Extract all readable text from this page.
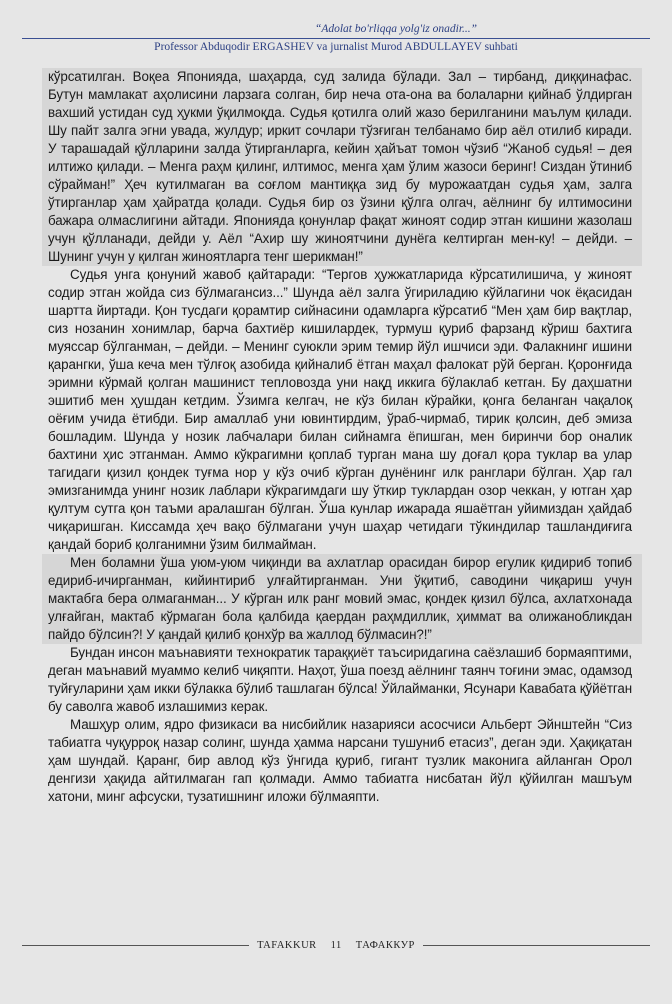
“Adolat bo'rliqqa yolg'iz onadir...”
Professor Abduqodir ERGASHEV va jurnalist Murod ABDULLAYEV suhbati

кўрсатилган. Воқеа Японияда, шаҳарда, суд залида бўлади. Зал – тирбанд, диққинафас. Бутун мамлакат аҳолисини ларзага солган, бир неча ота-она ва болаларни қийнаб ўлдирган вахший устидан суд ҳукми ўқилмоқда. Судья қотилга олий жазо берилганини маълум қилади. Шу пайт залга эгни увада, жулдур; иркит сочлари тўзғиган телбанамо бир аёл отилиб киради. У тарашадай қўлларини залда ўтирганларга, кейин ҳайъат томон чўзиб “Жаноб судья! – дея илтижо қилади. – Менга раҳм қилинг, илтимос, менга ҳам ўлим жазоси беринг! Сиздан ўтиниб сўрайман!” Ҳеч кутилмаган ва соғлом мантиққа зид бу мурожаатдан судья ҳам, залга ўтирганлар ҳам ҳайратда қолади. Судья бир оз ўзини қўлга олгач, аёлнинг бу илтимосини бажара олмаслигини айтади. Японияда қонунлар фақат жиноят содир этган кишини жазолаш учун қўлланади, дейди у. Аёл “Ахир шу жиноятчини дунёга келтирган мен-ку! – дейди. – Шунинг учун у қилган жиноятларга тенг шерикман!”

Судья унга қонуний жавоб қайтаради: “Тергов ҳужжатларида кўрсатилишича, у жиноят содир этган жойда сиз бўлмагансиз...” Шунда аёл залга ўгириладию кўйлагини чок ёқасидан шартта йиртади. Қон тусдаги қорамтир сийнасини одамларга кўрсатиб “Мен ҳам бир вақтлар, сиз нозанин хонимлар, барча бахтиёр кишилардек, турмуш қуриб фарзанд кўриш бахтига муяссар бўлганман, – дейди. – Менинг суюкли эрим темир йўл ишчиси эди. Фалакнинг ишини қарангки, ўша кеча мен тўлғоқ азобида қийналиб ётган маҳал фалокат рўй берган. Қоронғида эримни кўрмай қолган машинист тепловозда уни нақд иккига бўлаклаб кетган. Бу даҳшатни эшитиб мен ҳушдан кетдим. Ўзимга келгач, не кўз билан кўрайки, қонга беланган чақалоқ оёғим учида ётибди. Бир амаллаб уни ювинтирдим, ўраб-чирмаб, тирик қолсин, деб эмиза бошладим. Шунда у нозик лабчалари билан сийнамга ёпишган, мен биринчи бор оналик бахтини ҳис этганман. Аммо кўкрагимни қоплаб турган мана шу доғал қора туклар ва улар тагидаги қизил қондек туғма нор у кўз очиб кўрган дунёнинг илк ранглари бўлган. Ҳар гал эмизганимда унинг нозик лаблари кўкрагимдаги шу ўткир туклардан озор чеккан, у ютган ҳар қултум сутга қон таъми аралашган бўлган. Ўша кунлар ижарада яшаётган уйимиздан ҳайдаб чиқаришган. Киссамда ҳеч вақо бўлмагани учун шаҳар четидаги тўкиндилар ташландиғига қандай бориб қолганимни ўзим билмайман.

Мен боламни ўша уюм-уюм чиқинди ва ахлатлар орасидан бирор егулик қидириб топиб едириб-ичирганман, кийинтириб улғайтирганман. Уни ўқитиб, саводини чиқариш учун мактабга бера олмаганман... У кўрган илк ранг мовий эмас, қондек қизил бўлса, ахлатхонада улғайган, мактаб кўрмаган бола қалбида қаердан раҳмдиллик, ҳиммат ва олижанобликдан пайдо бўлсин?! У қандай қилиб қонхўр ва жаллод бўлмасин?!”

Бундан инсон маънавияти технократик тараққиёт таъсиридагина саёзлашиб бормаяптими, деган маънавий муаммо келиб чиқяпти. Наҳот, ўша поезд аёлнинг таянч тоғини эмас, одамзод туйғуларини ҳам икки бўлакка бўлиб ташлаган бўлса! Ўйлайманки, Ясунари Кавабата қўйётган бу саволга жавоб излашимиз керак.

Машҳур олим, ядро физикаси ва нисбийлик назарияси асосчиси Альберт Эйнштейн “Сиз табиатга чуқурроқ назар солинг, шунда ҳамма нарсани тушуниб етасиз”, деган эди. Ҳақиқатан ҳам шундай. Қаранг, бир авлод кўз ўнгида қуриб, гигант тузлик маконига айланган Орол денгизи ҳақида айтилмаган гап қолмади. Аммо табиатга нисбатан йўл қўйилган машъум хатони, минг афсуски, тузатишнинг иложи бўлмаяпти.

TAFAKKUR	11	ТАФАККУР
